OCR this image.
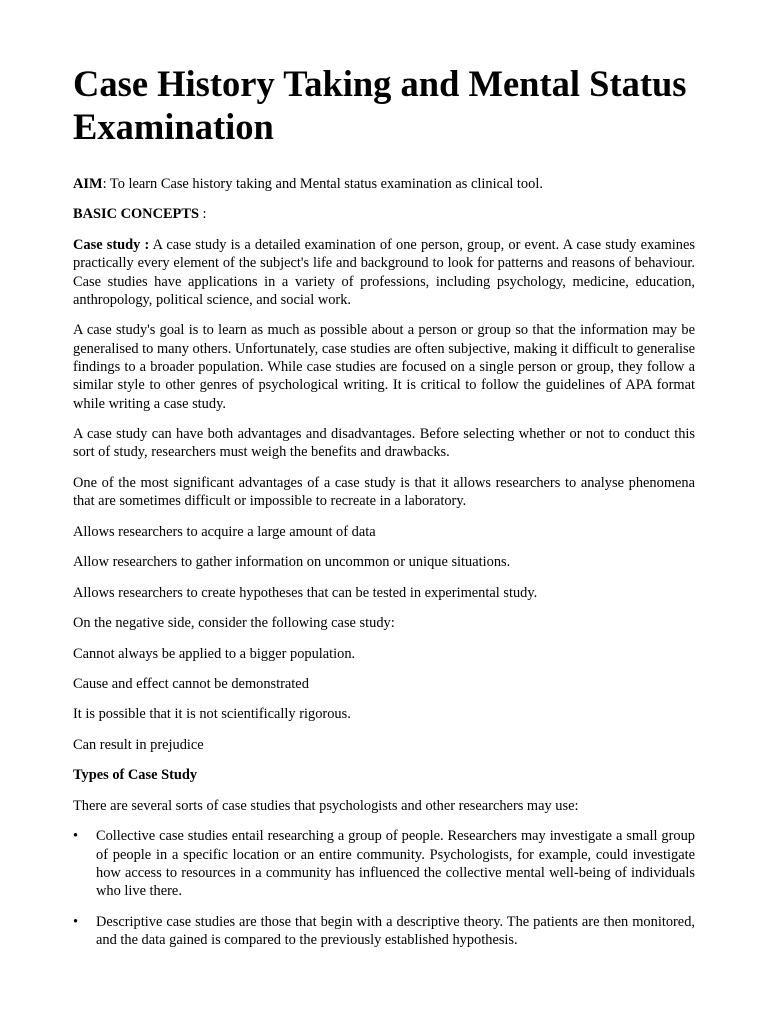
Case History Taking and Mental Status Examination

AIM: To learn Case history taking and Mental status examination as clinical tool.

BASIC CONCEPTS :

Case study : A case study is a detailed examination of one person, group, or event. A case study examines practically every element of the subject's life and background to look for patterns and reasons of behaviour. Case studies have applications in a variety of professions, including psychology, medicine, education, anthropology, political science, and social work.

A case study's goal is to learn as much as possible about a person or group so that the information may be generalised to many others. Unfortunately, case studies are often subjective, making it difficult to generalise findings to a broader population. While case studies are focused on a single person or group, they follow a similar style to other genres of psychological writing. It is critical to follow the guidelines of APA format while writing a case study.

A case study can have both advantages and disadvantages. Before selecting whether or not to conduct this sort of study, researchers must weigh the benefits and drawbacks.

One of the most significant advantages of a case study is that it allows researchers to analyse phenomena that are sometimes difficult or impossible to recreate in a laboratory.

Allows researchers to acquire a large amount of data

Allow researchers to gather information on uncommon or unique situations.

Allows researchers to create hypotheses that can be tested in experimental study.

On the negative side, consider the following case study:

Cannot always be applied to a bigger population.

Cause and effect cannot be demonstrated

It is possible that it is not scientifically rigorous.

Can result in prejudice

Types of Case Study

There are several sorts of case studies that psychologists and other researchers may use:

• Collective case studies entail researching a group of people. Researchers may investigate a small group of people in a specific location or an entire community. Psychologists, for example, could investigate how access to resources in a community has influenced the collective mental well-being of individuals who live there.
• Descriptive case studies are those that begin with a descriptive theory. The patients are then monitored, and the data gained is compared to the previously established hypothesis.
